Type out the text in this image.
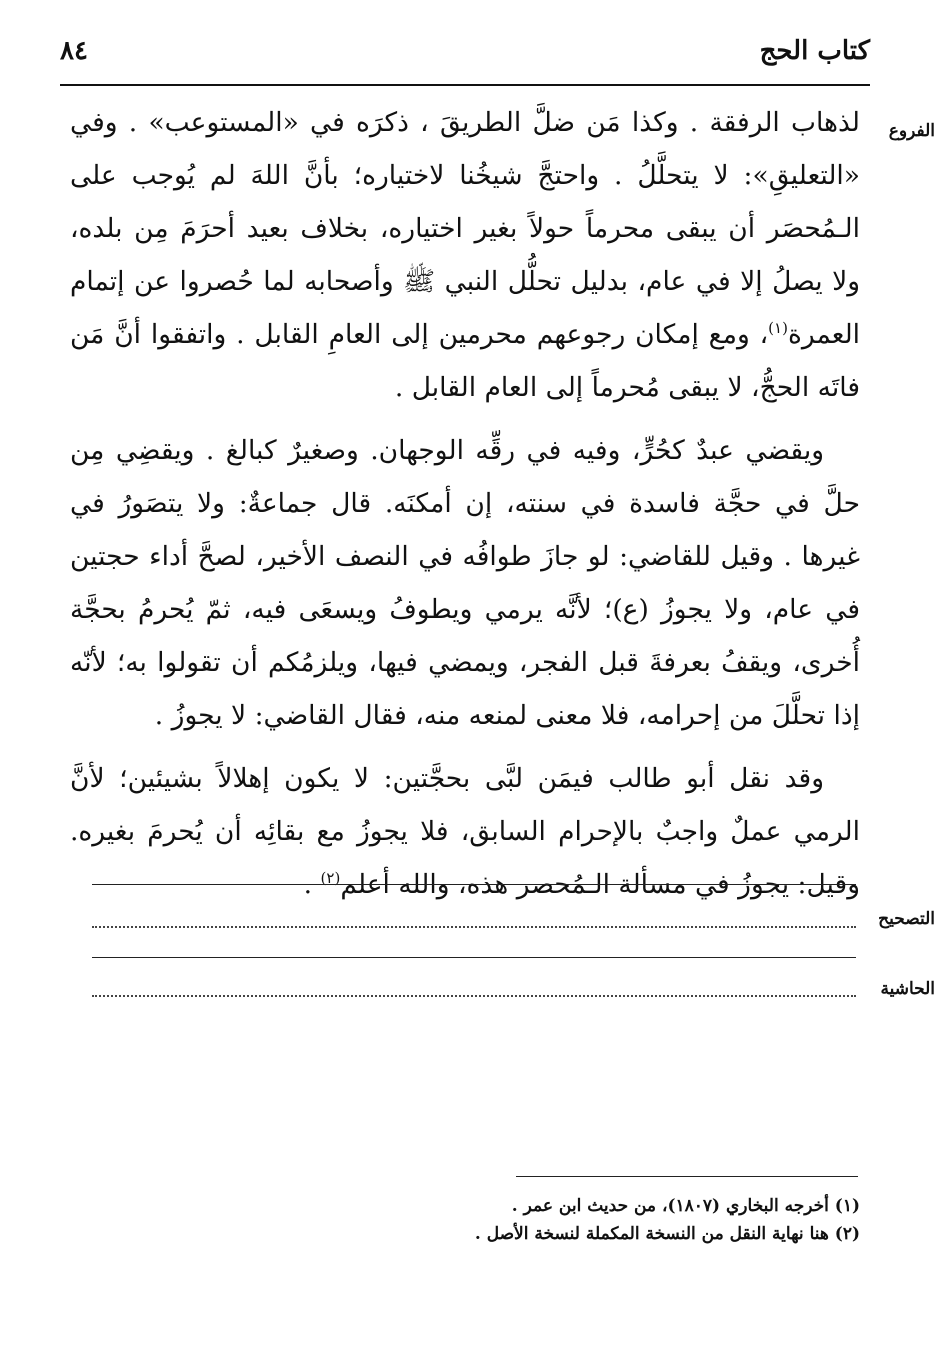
٨٤	كتاب الحج
الفروع

لذهاب الرفقة . وكذا مَن ضلَّ الطريقَ ، ذكرَه في «المستوعب» . وفي «التعليقِ»: لا يتحلَّلُ . واحتجَّ شيخُنا لاختياره؛ بأنَّ اللهَ لم يُوجب على الـمُحصَر أن يبقى محرماً حولاً بغير اختياره، بخلاف بعيد أحرَمَ مِن بلده، ولا يصلُ إلا في عام، بدليل تحلُّل النبي ﷺ وأصحابه لما حُصروا عن إتمام العمرة$^{(١)}$، ومع إمكان رجوعهم محرمين إلى العامِ القابل . واتفقوا أنَّ مَن فاتَه الحجُّ، لا يبقى مُحرماً إلى العام القابل .

ويقضي عبدٌ كحُرٍّ، وفيه في رقِّه الوجهان. وصغيرٌ كبالغ . ويقضِي مِن حلَّ في حجَّة فاسدة في سنته، إن أمكنَه. قال جماعةٌ: ولا يتصَورُ في غيرها . وقيل للقاضي: لو جازَ طوافُه في النصف الأخير، لصحَّ أداء حجتين في عام، ولا يجوزُ (ع)؛ لأنَّه يرمي ويطوفُ ويسعَى فيه، ثمّ يُحرمُ بحجَّة أُخرى، ويقفُ بعرفةَ قبل الفجر، ويمضي فيها، ويلزمُكم أن تقولوا به؛ لأنّه إذا تحلَّلَ من إحرامه، فلا معنى لمنعه منه، فقال القاضي: لا يجوزُ .

وقد نقل أبو طالب فيمَن لبَّى بحجَّتين: لا يكون إهلالاً بشيئين؛ لأنَّ الرمي عملٌ واجبٌ بالإحرام السابق، فلا يجوزُ مع بقائِه أن يُحرمَ بغيره. وقيل: يجوزُ في مسألة الـمُحصر هذه، والله أعلم$^{(٢)}$ .

التصحيح
الحاشية

(١) أخرجه البخاري (١٨٠٧)، من حديث ابن عمر .

(٢) هنا نهاية النقل من النسخة المكملة لنسخة الأصل .
